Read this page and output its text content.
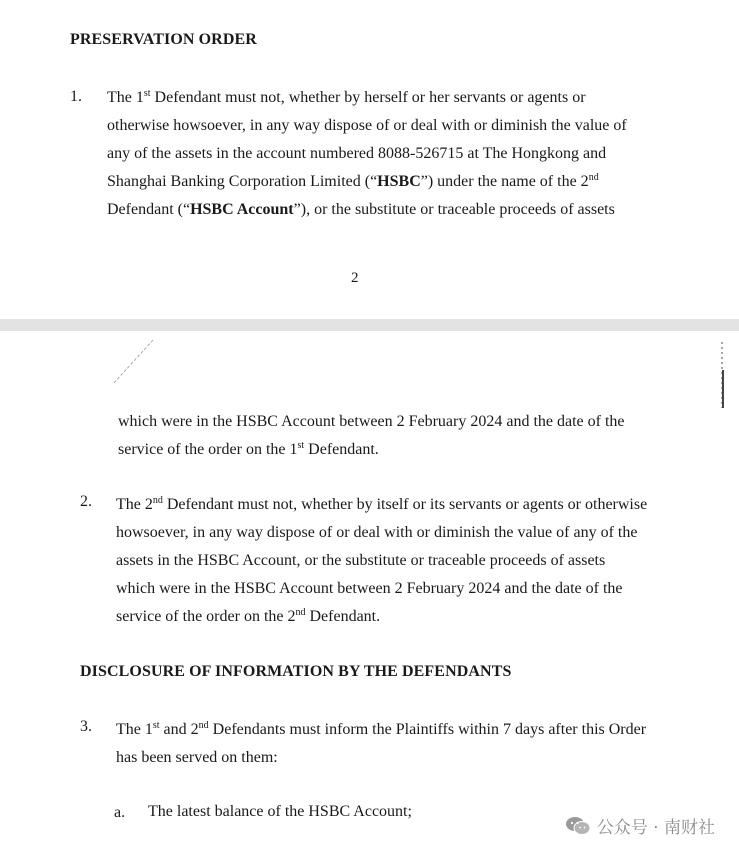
PRESERVATION ORDER
1. The 1st Defendant must not, whether by herself or her servants or agents or
otherwise howsoever, in any way dispose of or deal with or diminish the value of
any of the assets in the account numbered 8088-526715 at The Hongkong and
Shanghai Banking Corporation Limited (“HSBC”) under the name of the 2nd
Defendant (“HSBC Account”), or the substitute or traceable proceeds of assets
2
which were in the HSBC Account between 2 February 2024 and the date of the
service of the order on the 1st Defendant.
2. The 2nd Defendant must not, whether by itself or its servants or agents or otherwise
howsoever, in any way dispose of or deal with or diminish the value of any of the
assets in the HSBC Account, or the substitute or traceable proceeds of assets
which were in the HSBC Account between 2 February 2024 and the date of the
service of the order on the 2nd Defendant.
DISCLOSURE OF INFORMATION BY THE DEFENDANTS
3. The 1st and 2nd Defendants must inform the Plaintiffs within 7 days after this Order
has been served on them:
a. The latest balance of the HSBC Account;
公众号 · 南财社
